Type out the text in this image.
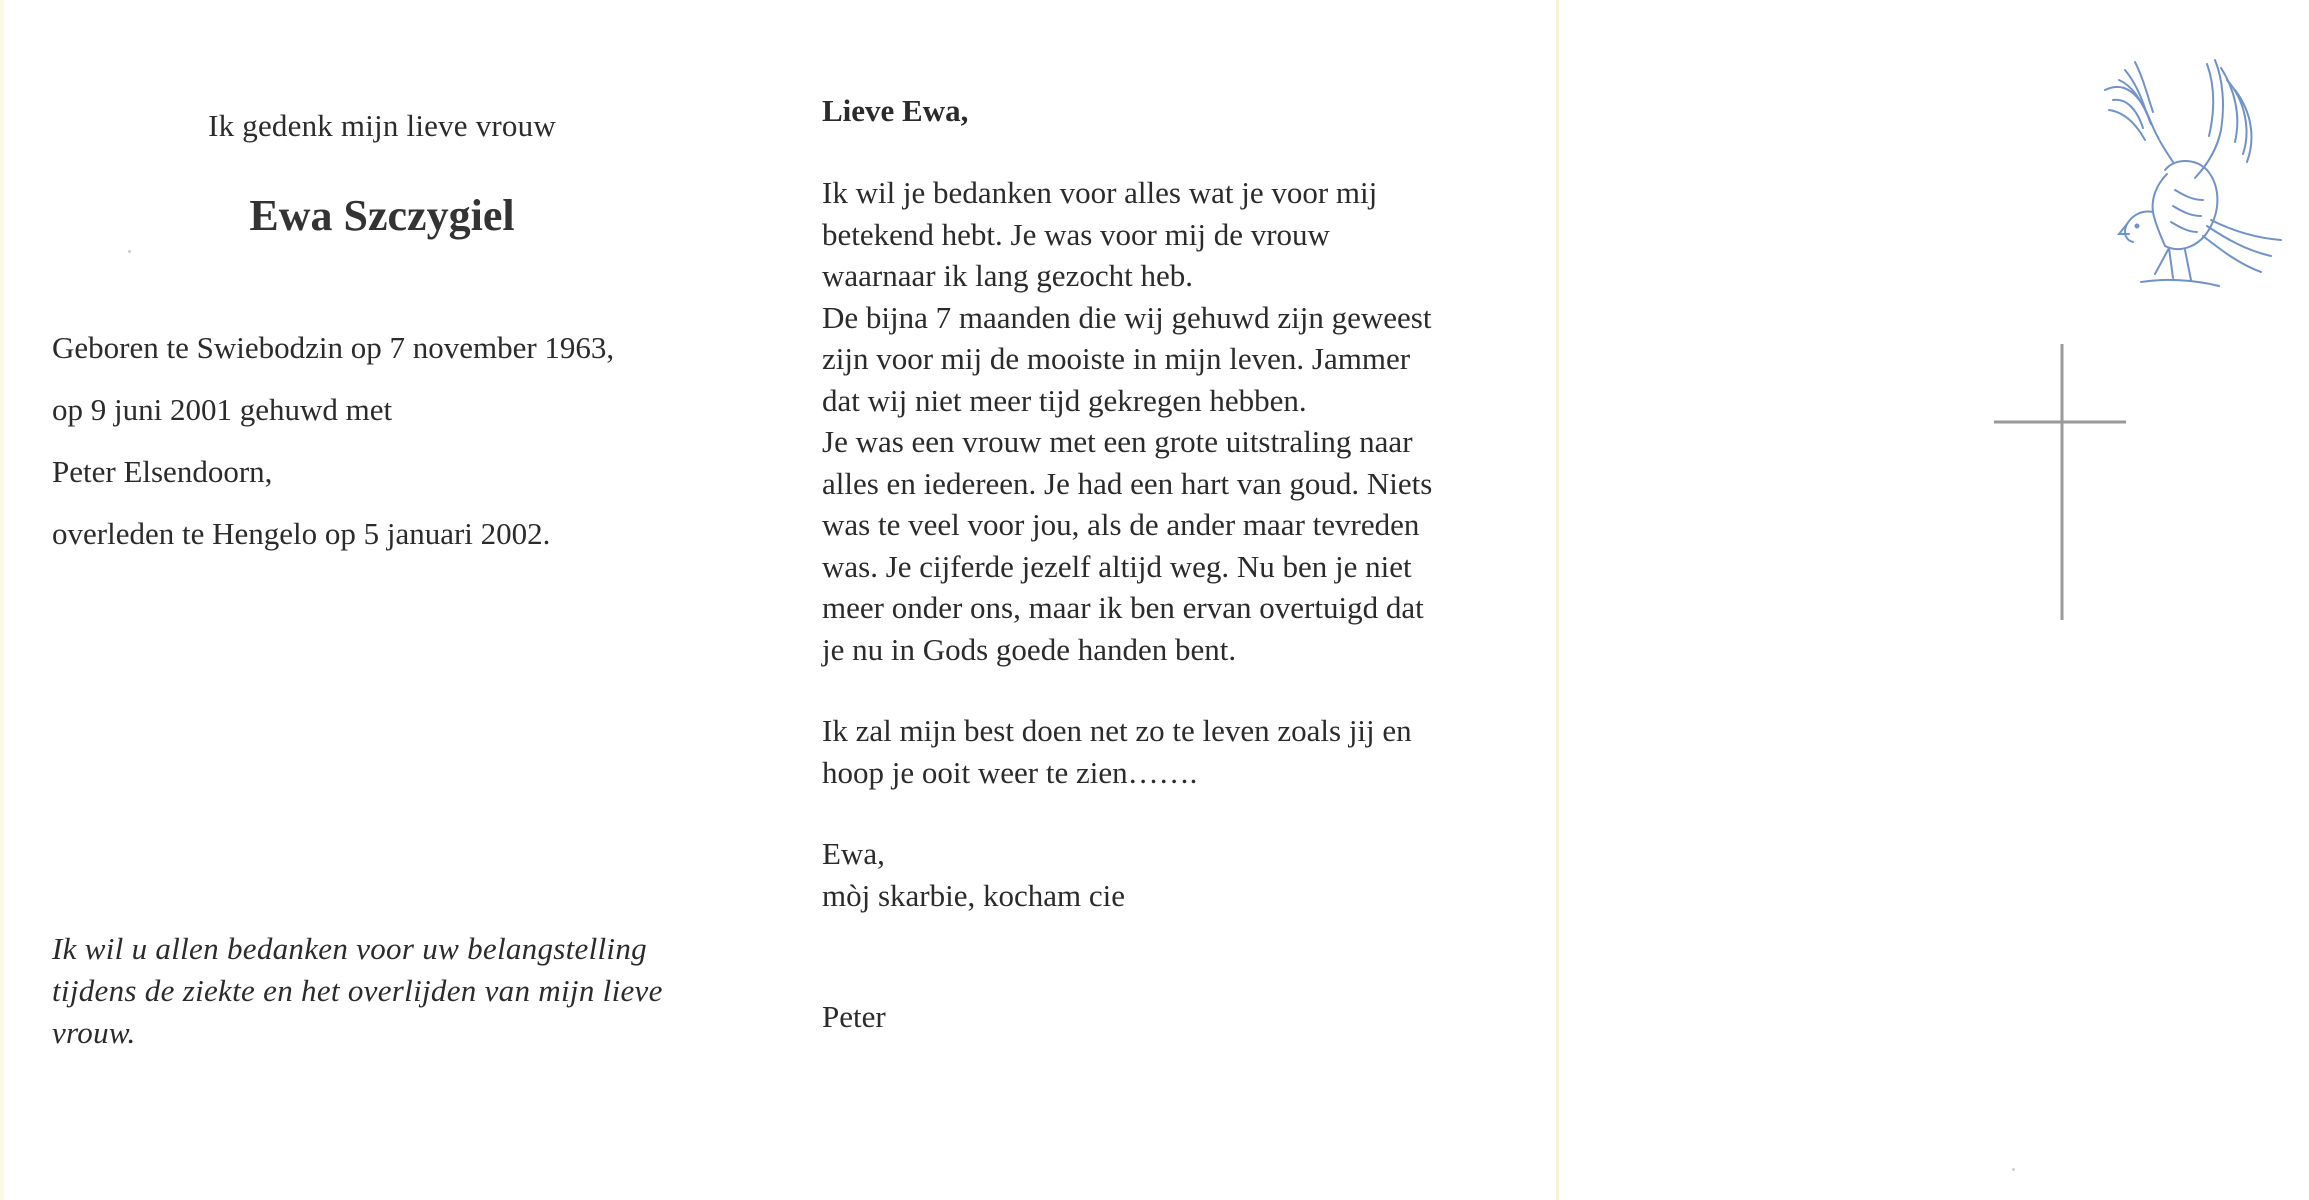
Ik gedenk mijn lieve vrouw
Ewa Szczygiel
Geboren te Swiebodzin op 7 november 1963,
op 9 juni 2001 gehuwd met
Peter Elsendoorn,
overleden te Hengelo op 5 januari 2002.
Ik wil u allen bedanken voor uw belangstelling
tijdens de ziekte en het overlijden van mijn lieve
vrouw.
Lieve Ewa,
Ik wil je bedanken voor alles wat je voor mij
betekend hebt. Je was voor mij de vrouw
waarnaar ik lang gezocht heb.
De bijna 7 maanden die wij gehuwd zijn geweest
zijn voor mij de mooiste in mijn leven. Jammer
dat wij niet meer tijd gekregen hebben.
Je was een vrouw met een grote uitstraling naar
alles en iedereen. Je had een hart van goud. Niets
was te veel voor jou, als de ander maar tevreden
was. Je cijferde jezelf altijd weg. Nu ben je niet
meer onder ons, maar ik ben ervan overtuigd dat
je nu in Gods goede handen bent.
Ik zal mijn best doen net zo te leven zoals jij en
hoop je ooit weer te zien…….
Ewa,
mòj skarbie, kocham cie
Peter
